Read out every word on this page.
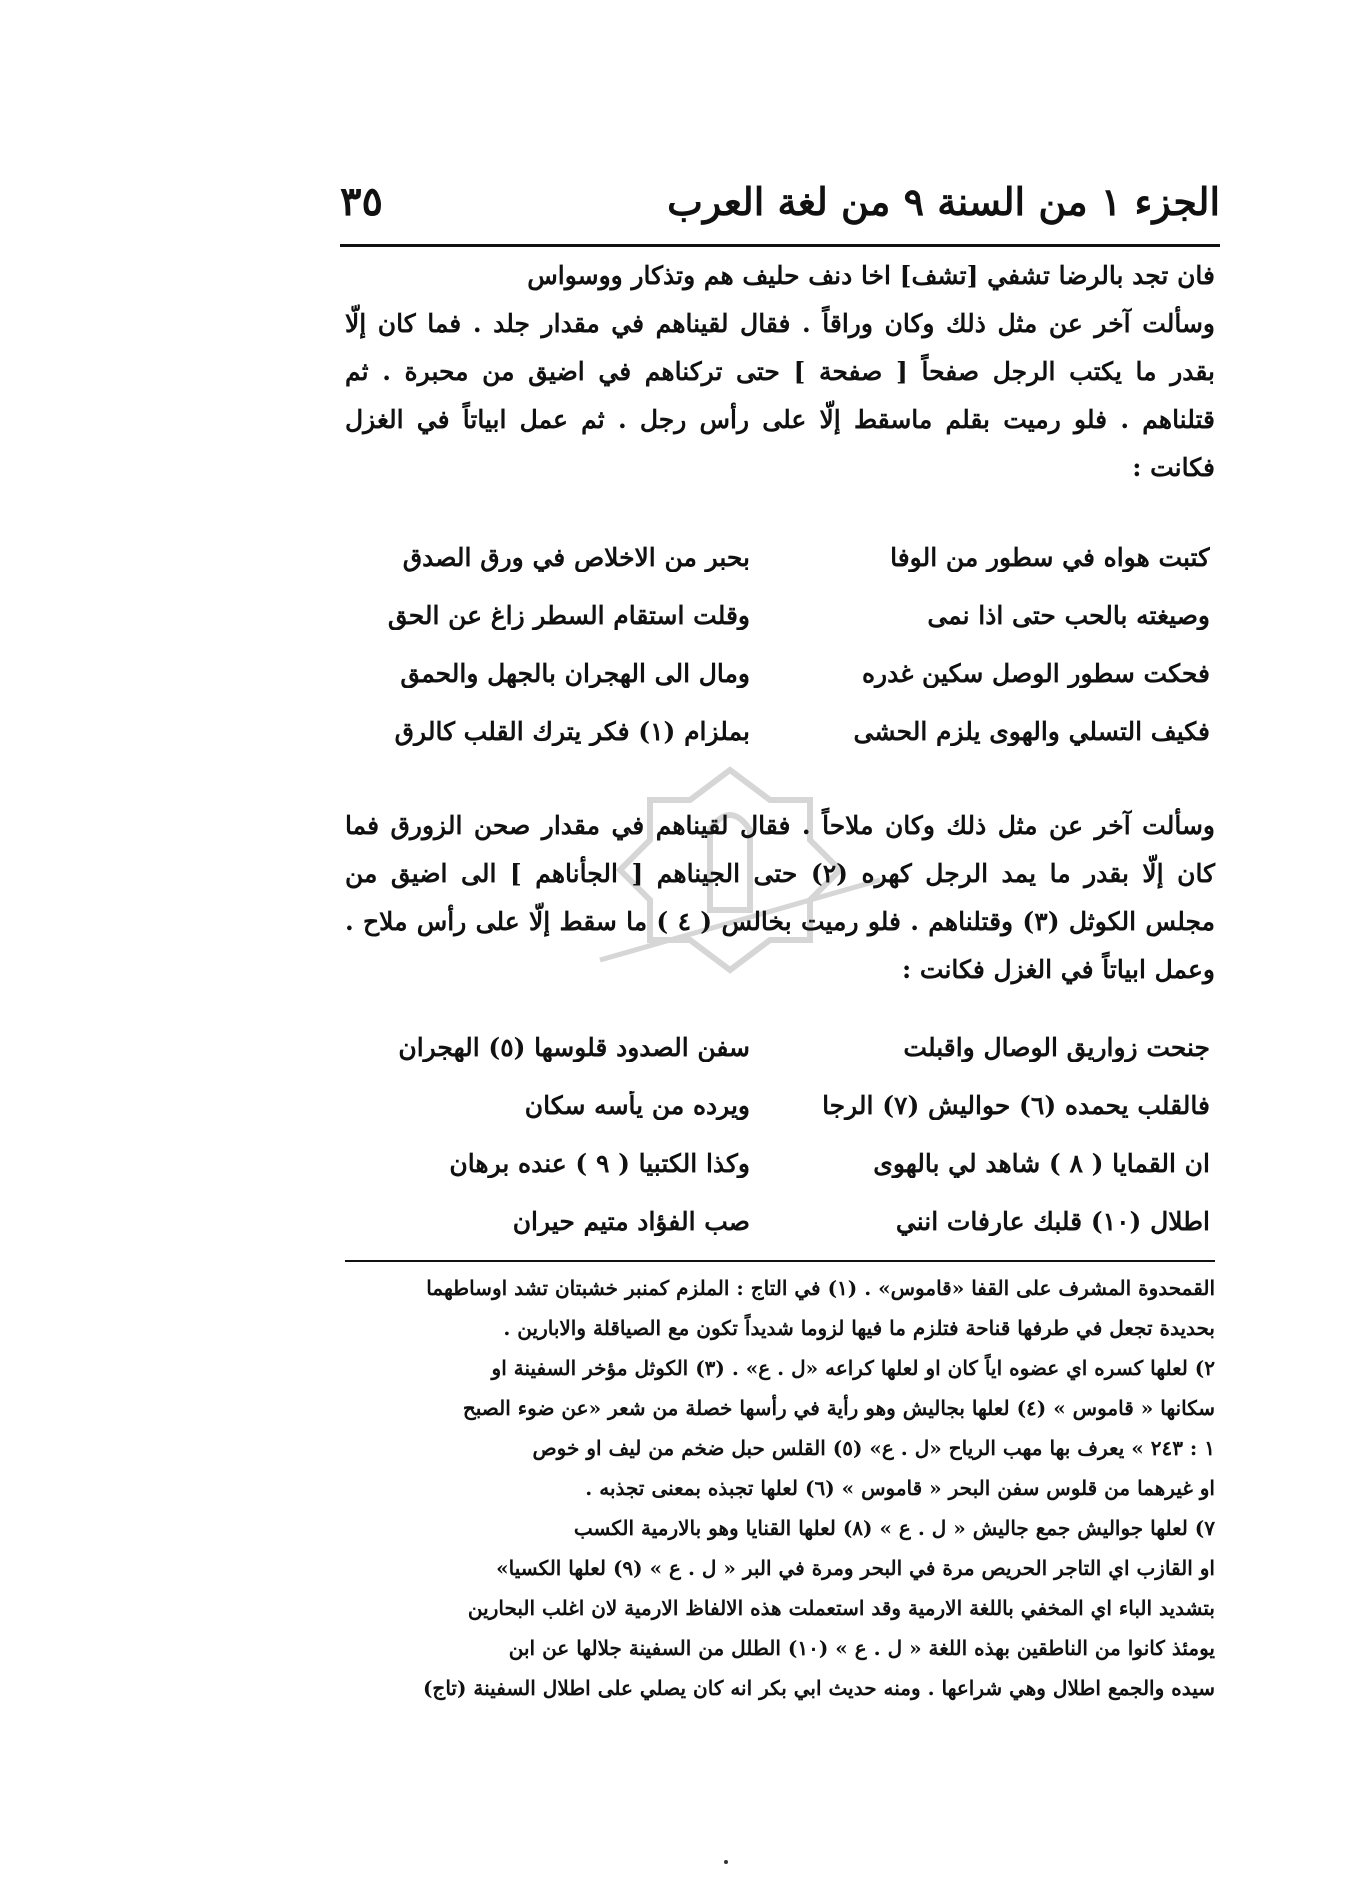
الجزء ١ من السنة ٩ من لغة العرب
٣٥

فان تجد بالرضا تشفي [تشف] اخا دنف حليف هم وتذكار ووسواس

وسألت آخر عن مثل ذلك وكان وراقاً . فقال لقيناهم في مقدار جلد . فما كان إلّا بقدر ما يكتب الرجل صفحاً [ صفحة ] حتى تركناهم في اضيق من محبرة . ثم قتلناهم . فلو رميت بقلم ماسقط إلّا على رأس رجل . ثم عمل ابياتاً في الغزل فكانت :

كتبت هواه في سطور من الوفا
بحبر من الاخلاص في ورق الصدق
وصيغته بالحب حتى اذا نمى
وقلت استقام السطر زاغ عن الحق
فحكت سطور الوصل سكين غدره
ومال الى الهجران بالجهل والحمق
فكيف التسلي والهوى يلزم الحشى
بملزام (١) فكر يترك القلب كالرق

وسألت آخر عن مثل ذلك وكان ملاحاً . فقال لقيناهم في مقدار صحن الزورق فما كان إلّا بقدر ما يمد الرجل كهره (٢) حتى الجيناهم [ الجأناهم ] الى اضيق من مجلس الكوثل (٣) وقتلناهم . فلو رميت بخالس ( ٤ ) ما سقط إلّا على رأس ملاح . وعمل ابياتاً في الغزل فكانت :

جنحت زواريق الوصال واقبلت
سفن الصدود قلوسها (٥) الهجران
فالقلب يحمده (٦) حواليش (٧) الرجا
ويرده من يأسه سكان
ان القمايا ( ٨ ) شاهد لي بالهوى
وكذا الكتبيا ( ٩ ) عنده برهان
اطلال (١٠) قلبك عارفات انني
صب الفؤاد متيم حيران

القمحدوة المشرف على القفا «قاموس» . (١) في التاج : الملزم كمنبر خشبتان تشد اوساطهما

بحديدة تجعل في طرفها قناحة فتلزم ما فيها لزوما شديداً تكون مع الصياقلة والابارين .

٢) لعلها كسره اي عضوه اياً كان او لعلها كراعه «ل . ع» . (٣) الكوثل مؤخر السفينة او

سكانها « قاموس » (٤) لعلها بجاليش وهو رأية في رأسها خصلة من شعر «عن ضوء الصبح

١ : ٢٤٣ » يعرف بها مهب الرياح «ل . ع» (٥) القلس حبل ضخم من ليف او خوص

او غيرهما من قلوس سفن البحر « قاموس » (٦) لعلها تجبذه بمعنى تجذبه .

٧) لعلها جواليش جمع جاليش « ل . ع » (٨) لعلها القنايا وهو بالارمية الكسب

او القازب اي التاجر الحريص مرة في البحر ومرة في البر « ل . ع » (٩) لعلها الكسيا»

بتشديد الباء اي المخفي باللغة الارمية وقد استعملت هذه الالفاظ الارمية لان اغلب البحارين

يومئذ كانوا من الناطقين بهذه اللغة « ل . ع » (١٠) الطلل من السفينة جلالها عن ابن

سيده والجمع اطلال وهي شراعها . ومنه حديث ابي بكر انه كان يصلي على اطلال السفينة (تاج)
